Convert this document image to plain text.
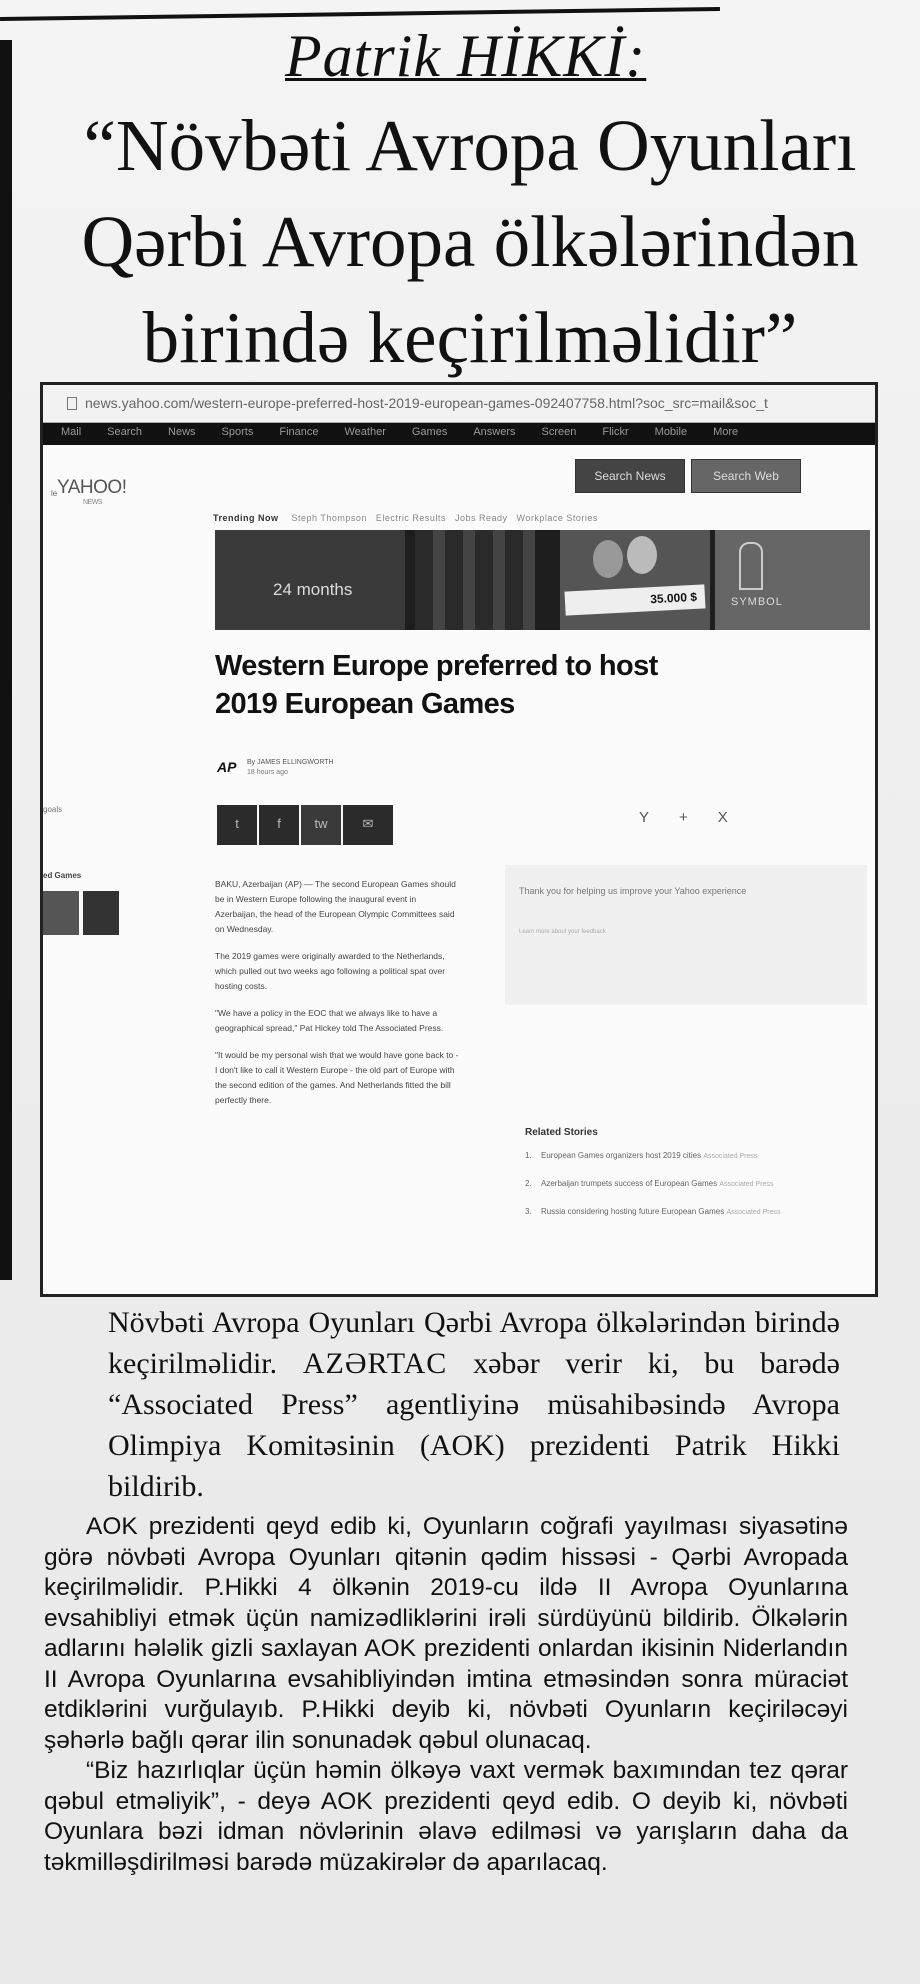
Patrik HİKKİ:
“Növbəti Avropa Oyunları
Qərbi Avropa ölkələrindən
birində keçirilməlidir”
news.yahoo.com/western-europe-preferred-host-2019-european-games-092407758.html?soc_src=mail&soc_t
Mail Search News Sports Finance Weather Games Answers Screen Flickr Mobile More
YAHOO!
NEWS
Search News	Search Web
Trending Now Steph Thompson Electric Results Jobs Ready Workplace Stories
24 months	35.000 $	SYMBOL
Western Europe preferred to host 2019 European Games
AP By JAMES ELLINGWORTH
18 hours ago
t	f	tw	✉	Y + X
le
goals
ed Games

BAKU, Azerbaijan (AP) — The second European Games should be in Western Europe following the inaugural event in Azerbaijan, the head of the European Olympic Committees said on Wednesday.

The 2019 games were originally awarded to the Netherlands, which pulled out two weeks ago following a political spat over hosting costs.

"We have a policy in the EOC that we always like to have a geographical spread," Pat Hickey told The Associated Press.

"It would be my personal wish that we would have gone back to - I don't like to call it Western Europe - the old part of Europe with the second edition of the games. And Netherlands fitted the bill perfectly there.

Thank you for helping us improve your Yahoo experience
Learn more about your feedback
Related Stories
1. European Games organizers host 2019 cities Associated Press
2. Azerbaijan trumpets success of European Games Associated Press
3. Russia considering hosting future European Games Associated Press
Növbəti Avropa Oyunları Qərbi Avropa ölkələrindən birində keçirilməlidir. AZƏRTAC xəbər verir ki, bu barədə “Associated Press” agentliyinə müsahibəsində Avropa Olimpiya Komitəsinin (AOK) prezidenti Patrik Hikki bildirib.

AOK prezidenti qeyd edib ki, Oyunların coğrafi yayılması siyasətinə görə növbəti Avropa Oyunları qitənin qədim hissəsi - Qərbi Avropada keçirilməlidir. P.Hikki 4 ölkənin 2019-cu ildə II Avropa Oyunlarına evsahibliyi etmək üçün namizədliklərini irəli sürdüyünü bildirib. Ölkələrin adlarını hələlik gizli saxlayan AOK prezidenti onlardan ikisinin Niderlandın II Avropa Oyunlarına evsahibliyindən imtina etməsindən sonra müraciət etdiklərini vurğulayıb. P.Hikki deyib ki, növbəti Oyunların keçiriləcəyi şəhərlə bağlı qərar ilin sonunadək qəbul olunacaq.

“Biz hazırlıqlar üçün həmin ölkəyə vaxt vermək baxımından tez qərar qəbul etməliyik”, - deyə AOK prezidenti qeyd edib. O deyib ki, növbəti Oyunlara bəzi idman növlərinin əlavə edilməsi və yarışların daha da təkmilləşdirilməsi barədə müzakirələr də aparılacaq.
